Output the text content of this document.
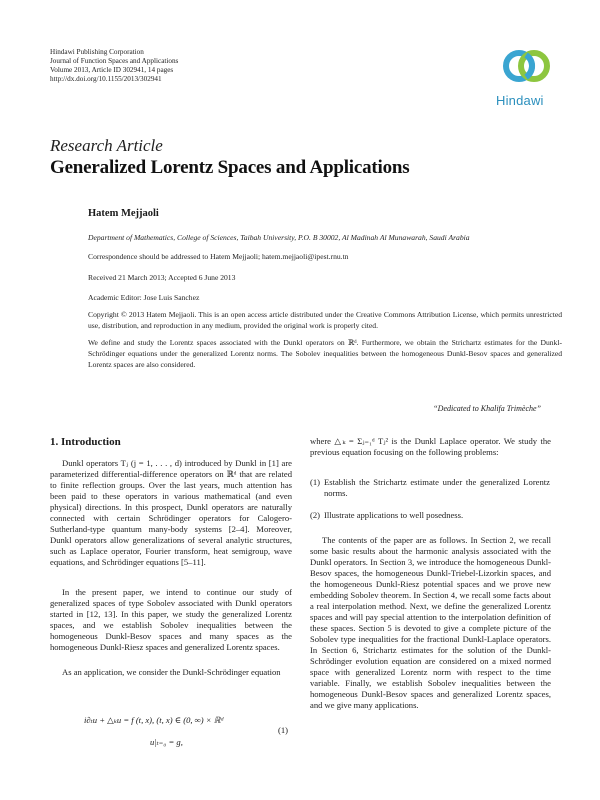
Hindawi Publishing Corporation
Journal of Function Spaces and Applications
Volume 2013, Article ID 302941, 14 pages
http://dx.doi.org/10.1155/2013/302941
Hindawi
Research Article
Generalized Lorentz Spaces and Applications
Hatem Mejjaoli
Department of Mathematics, College of Sciences, Taibah University, P.O. B 30002, Al Madinah Al Munawarah, Saudi Arabia
Correspondence should be addressed to Hatem Mejjaoli; hatem.mejjaoli@ipest.rnu.tn
Received 21 March 2013; Accepted 6 June 2013
Academic Editor: Jose Luis Sanchez

Copyright © 2013 Hatem Mejjaoli. This is an open access article distributed under the Creative Commons Attribution License, which permits unrestricted use, distribution, and reproduction in any medium, provided the original work is properly cited.

We define and study the Lorentz spaces associated with the Dunkl operators on ℝᵈ. Furthermore, we obtain the Strichartz estimates for the Dunkl-Schrödinger equations under the generalized Lorentz norms. The Sobolev inequalities between the homogeneous Dunkl-Besov spaces and generalized Lorentz spaces are also considered.

“Dedicated to Khalifa Trimèche”
1. Introduction

Dunkl operators Tⱼ (j = 1, . . . , d) introduced by Dunkl in [1] are parameterized differential-difference operators on ℝᵈ that are related to finite reflection groups. Over the last years, much attention has been paid to these operators in various mathematical (and even physical) directions. In this prospect, Dunkl operators are naturally connected with certain Schrödinger operators for Calogero-Sutherland-type quantum many-body systems [2–4]. Moreover, Dunkl operators allow generalizations of several analytic structures, such as Laplace operator, Fourier transform, heat semigroup, wave equations, and Schrödinger equations [5–11].

In the present paper, we intend to continue our study of generalized spaces of type Sobolev associated with Dunkl operators started in [12, 13]. In this paper, we study the generalized Lorentz spaces, and we establish Sobolev inequalities between the homogeneous Dunkl-Besov spaces and many spaces as the homogeneous Dunkl-Riesz spaces and generalized Lorentz spaces.

As an application, we consider the Dunkl-Schrödinger equation

i∂ₜu + △ₖu = f (t, x), (t, x) ∈ (0, ∞) × ℝᵈ
u|ₜ₌₀ = g,
(1)

where △ₖ = Σⱼ₌₁ᵈ Tⱼ² is the Dunkl Laplace operator. We study the previous equation focusing on the following problems:

(1) Establish the Strichartz estimate under the generalized Lorentz norms.
(2) Illustrate applications to well posedness.

The contents of the paper are as follows. In Section 2, we recall some basic results about the harmonic analysis associated with the Dunkl operators. In Section 3, we introduce the homogeneous Dunkl-Besov spaces, the homogeneous Dunkl-Triebel-Lizorkin spaces, and the homogeneous Dunkl-Riesz potential spaces and we prove new embedding Sobolev theorem. In Section 4, we recall some facts about a real interpolation method. Next, we define the generalized Lorentz spaces and will pay special attention to the interpolation definition of these spaces. Section 5 is devoted to give a complete picture of the Sobolev type inequalities for the fractional Dunkl-Laplace operators. In Section 6, Strichartz estimates for the solution of the Dunkl-Schrödinger evolution equation are considered on a mixed normed space with generalized Lorentz norm with respect to the time variable. Finally, we establish Sobolev inequalities between the homogeneous Dunkl-Besov spaces and generalized Lorentz spaces, and we give many applications.
